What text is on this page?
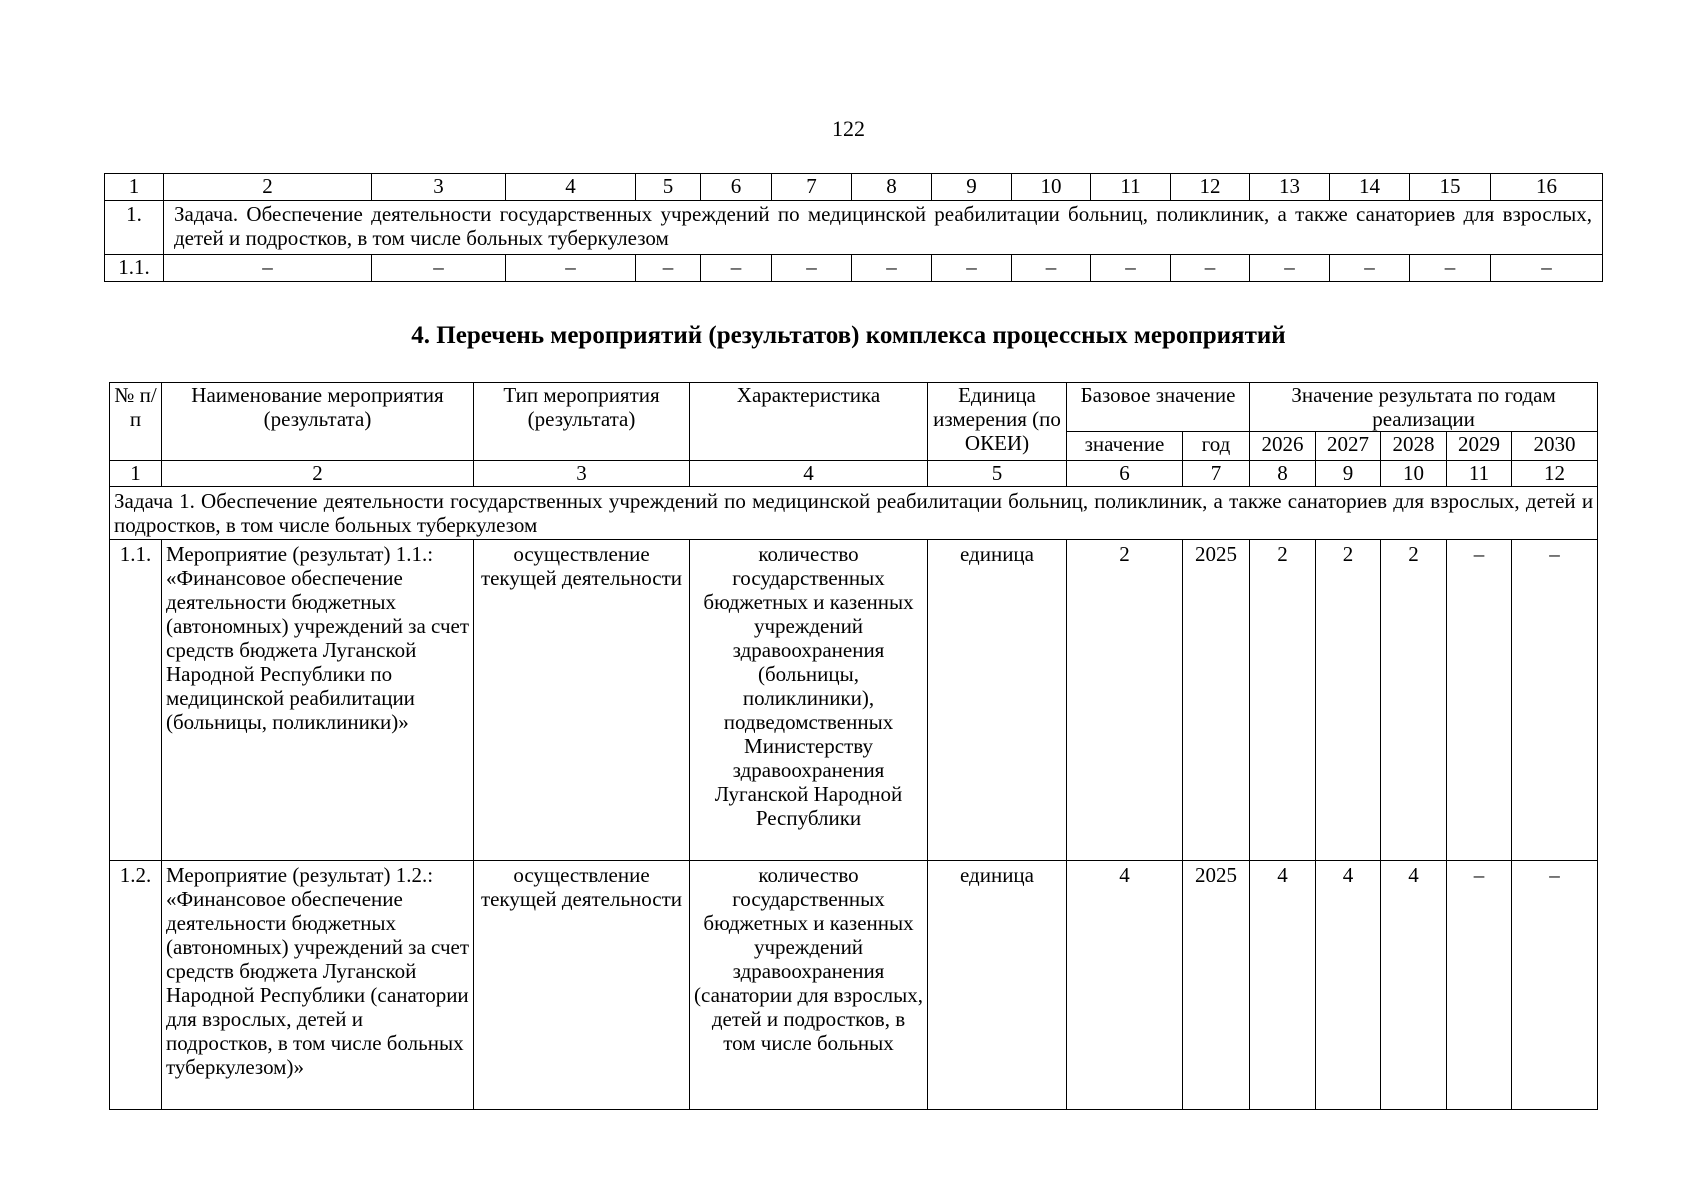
122
1	2	3	4	5	6	7	8	9	10	11	12	13	14	15	16
1.	Задача. Обеспечение деятельности государственных учреждений по медицинской реабилитации больниц, поликлиник, а также санаториев для взрослых, детей и подростков, в том числе больных туберкулезом														
1.1.	–	–	–	–	–	–	–	–	–	–	–	–	–	–	–
4. Перечень мероприятий (результатов) комплекса процессных мероприятий
№ п/п	Наименование мероприятия (результата)	Тип мероприятия (результата)	Характеристика	Единица измерения (по ОКЕИ)	Базовое значение		Значение результата по годам реализации				
					значение	год	2026	2027	2028	2029	2030
1	2	3	4	5	6	7	8	9	10	11	12
Задача 1. Обеспечение деятельности государственных учреждений по медицинской реабилитации больниц, поликлиник, а также санаториев для взрослых, детей и подростков, в том числе больных туберкулезом											
1.1.	Мероприятие (результат) 1.1.: «Финансовое обеспечение деятельности бюджетных (автономных) учреждений за счет средств бюджета Луганской Народной Республики по медицинской реабилитации (больницы, поликлиники)»	осуществление текущей деятельности	количество государственных бюджетных и казенных учреждений здравоохранения (больницы, поликлиники), подведомственных Министерству здравоохранения Луганской Народной Республики	единица	2	2025	2	2	2	–	–
1.2.	Мероприятие (результат) 1.2.: «Финансовое обеспечение деятельности бюджетных (автономных) учреждений за счет средств бюджета Луганской Народной Республики (санатории для взрослых, детей и подростков, в том числе больных туберкулезом)»	осуществление текущей деятельности	количество государственных бюджетных и казенных учреждений здравоохранения (санатории для взрослых, детей и подростков, в том числе больных	единица	4	2025	4	4	4	–	–
